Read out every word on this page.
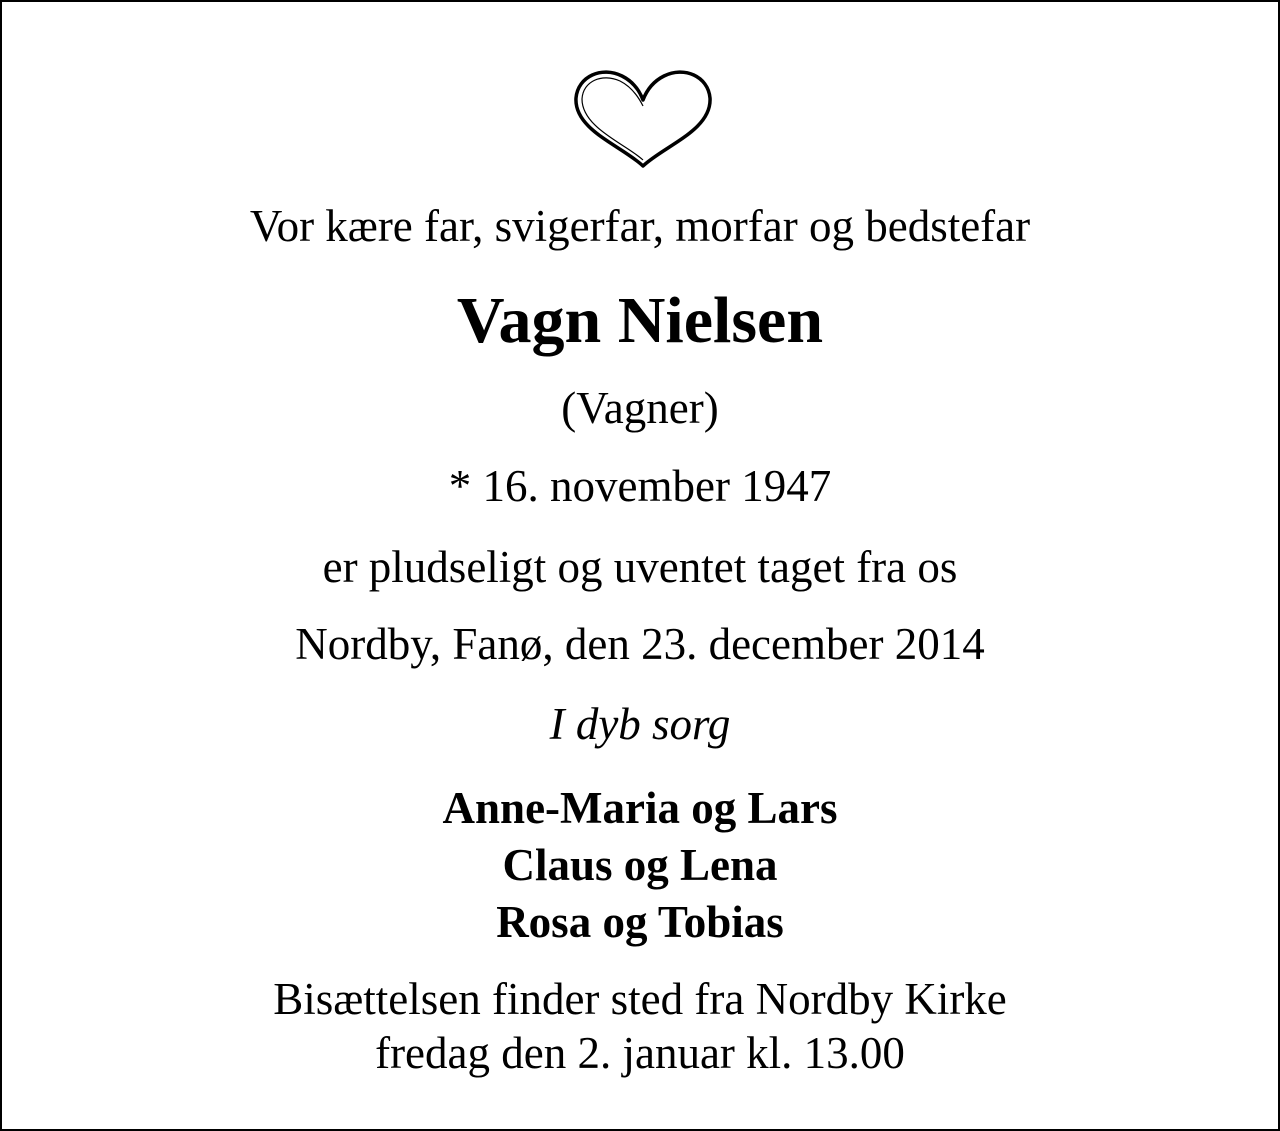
Vor kære far, svigerfar, morfar og bedstefar
Vagn Nielsen
(Vagner)
* 16. november 1947
er pludseligt og uventet taget fra os
Nordby, Fanø, den 23. december 2014
I dyb sorg
Anne-Maria og Lars
Claus og Lena
Rosa og Tobias
Bisættelsen finder sted fra Nordby Kirke
fredag den 2. januar kl. 13.00
